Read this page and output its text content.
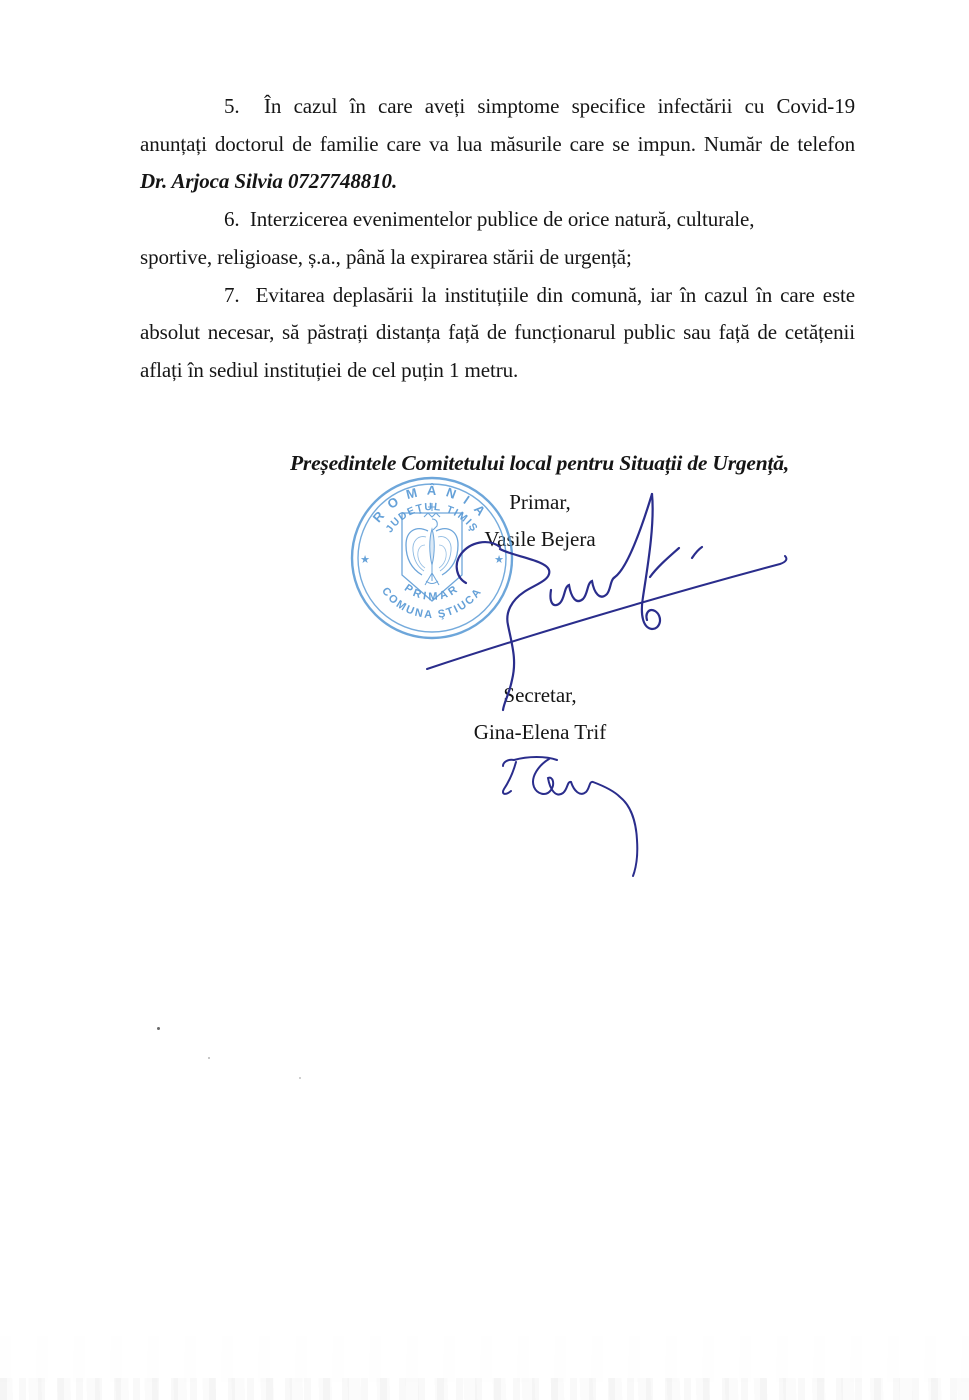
5.  În cazul în care aveți simptome specifice infectării cu Covid-19
anunțați doctorul de familie care va lua măsurile care se impun. Număr de telefon
Dr. Arjoca Silvia 0727748810.
6.  Interzicerea evenimentelor publice de orice natură, culturale,
sportive, religioase, ș.a., până la expirarea stării de urgență;
7.  Evitarea deplasării la instituțiile din comună, iar în cazul în care este
absolut necesar, să păstrați distanța față de funcționarul public sau față de cetățenii
aflați în sediul instituției de cel puțin 1 metru.
Președintele Comitetului local pentru Situații de Urgență,
Primar,
Vasile Bejera
Secretar,
Gina-Elena Trif
ROMÂNIA
JUDEŢUL TIMIŞ
COMUNA ŞTIUCA
PRIMAR
★	★
